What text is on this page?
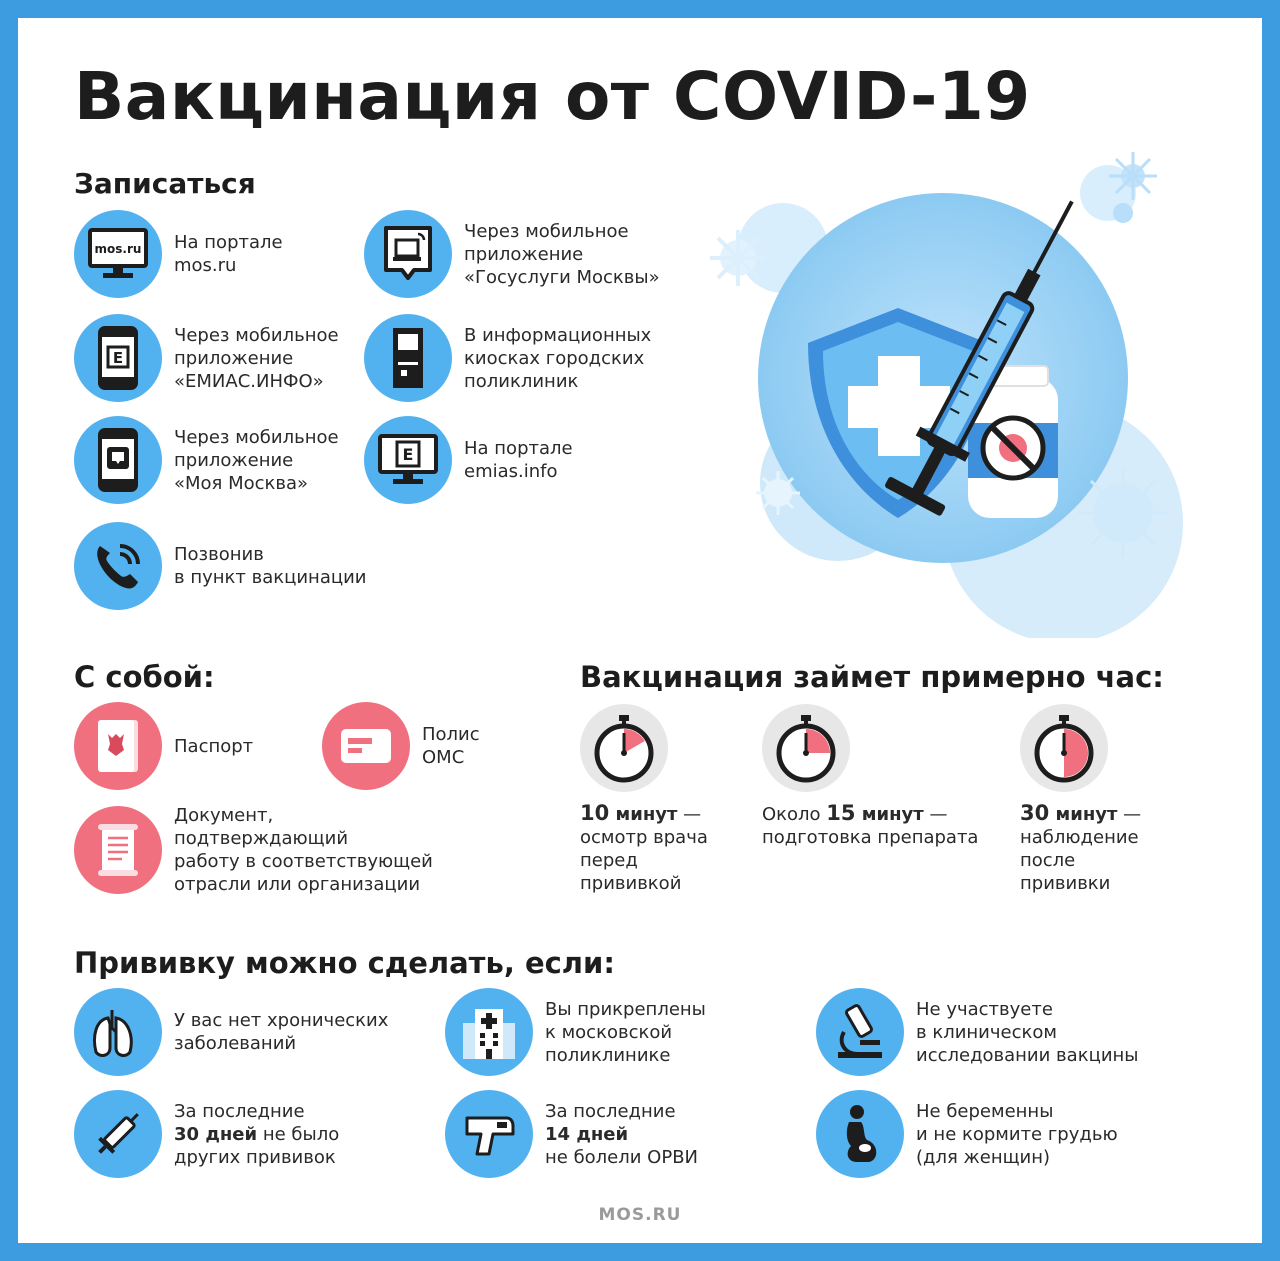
Вакцинация от COVID-19
Записаться
mos.ru На портале
mos.ru
Через мобильное
приложение
«Госуслуги Москвы»
E
Через мобильное
приложение
«ЕМИАС.ИНФО»
В информационных
киосках городских
поликлиник
Через мобильное
приложение
«Моя Москва»
E	На портале
emias.info
Позвонив
в пункт вакцинации
С собой:
Паспорт
Полис
ОМС
Документ,
подтверждающий
работу в соответствующей
отрасли или организации
Вакцинация займет примерно час:
10 минут —
осмотр врача
перед
прививкой
Около 15 минут —
подготовка препарата
30 минут —
наблюдение
после
прививки
Прививку можно сделать, если:
У вас нет хронических
заболеваний
Вы прикреплены
к московской
поликлинике
Не участвуете
в клиническом
исследовании вакцины
За последние
30 дней не было
других прививок
За последние
14 дней
не болели ОРВИ
Не беременны
и не кормите грудью
(для женщин)
MOS.RU
